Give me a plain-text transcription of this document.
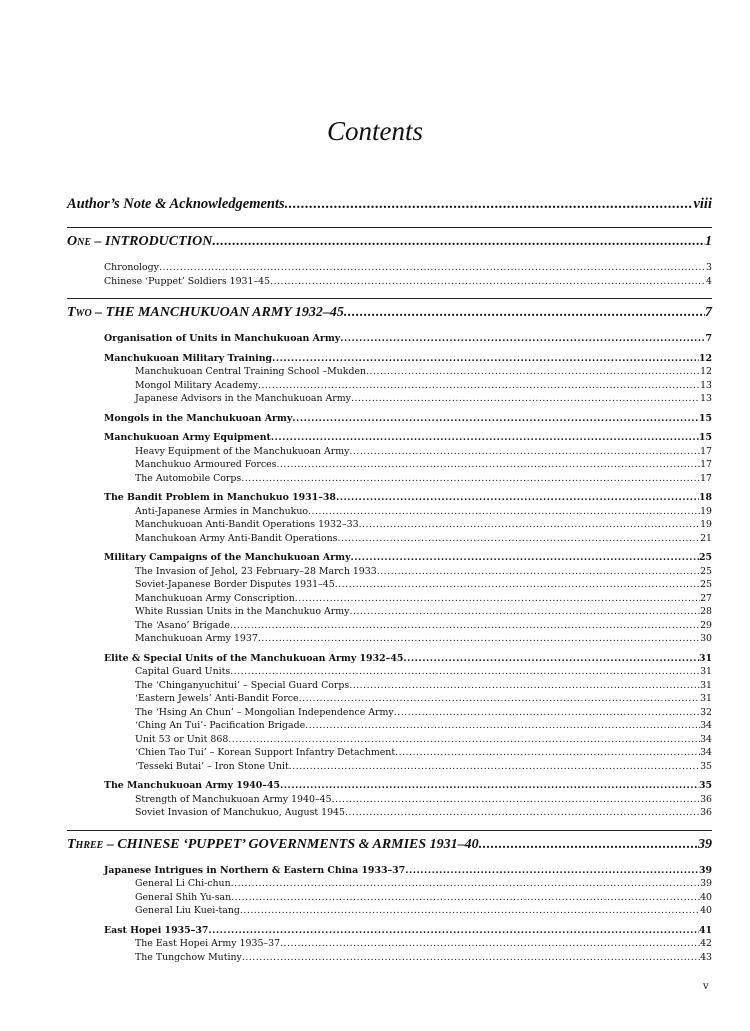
Contents
Author’s Note & Acknowledgements .....	viii
One – INTRODUCTION .....	1
Chronology .....	3
Chinese ‘Puppet’ Soldiers 1931–45 .....	4
Two – THE MANCHUKUOAN ARMY 1932–45 .....	7
Organisation of Units in Manchukuoan Army .....	7
Manchukuoan Military Training .....	12
Manchukuoan Central Training School –Mukden .....	12
Mongol Military Academy .....	13
Japanese Advisors in the Manchukuoan Army .....	13
Mongols in the Manchukuoan Army .....	15
Manchukuoan Army Equipment .....	15
Heavy Equipment of the Manchukuoan Army .....	17
Manchukuo Armoured Forces .....	17
The Automobile Corps .....	17
The Bandit Problem in Manchukuo 1931–38 .....	18
Anti-Japanese Armies in Manchukuo .....	19
Manchukuoan Anti-Bandit Operations 1932–33 .....	19
Manchukoan Army Anti-Bandit Operations .....	21
Military Campaigns of the Manchukuoan Army .....	25
The Invasion of Jehol, 23 February–28 March 1933 .....	25
Soviet-Japanese Border Disputes 1931–45 .....	25
Manchukuoan Army Conscription .....	27
White Russian Units in the Manchukuo Army .....	28
The ‘Asano’ Brigade .....	29
Manchukuoan Army 1937 .....	30
Elite & Special Units of the Manchukuoan Army 1932–45 .....	31
Capital Guard Units .....	31
The ‘Chinganyuchitui’ – Special Guard Corps .....	31
‘Eastern Jewels’ Anti-Bandit Force .....	31
The ‘Hsing An Chun’ – Mongolian Independence Army .....	32
‘Ching An Tui’- Pacification Brigade .....	34
Unit 53 or Unit 868 .....	34
‘Chien Tao Tui’ – Korean Support Infantry Detachment .....	34
‘Tesseki Butai’ – Iron Stone Unit .....	35
The Manchukuoan Army 1940–45 .....	35
Strength of Manchukuoan Army 1940–45 .....	36
Soviet Invasion of Manchukuo, August 1945 .....	36
Three – CHINESE ‘PUPPET’ GOVERNMENTS & ARMIES 1931–40 .....	39
Japanese Intrigues in Northern & Eastern China 1933–37 .....	39
General Li Chi-chun .....	39
General Shih Yu-san .....	40
General Liu Kuei-tang .....	40
East Hopei 1935–37 .....	41
The East Hopei Army 1935–37 .....	42
The Tungchow Mutiny .....	43
v
